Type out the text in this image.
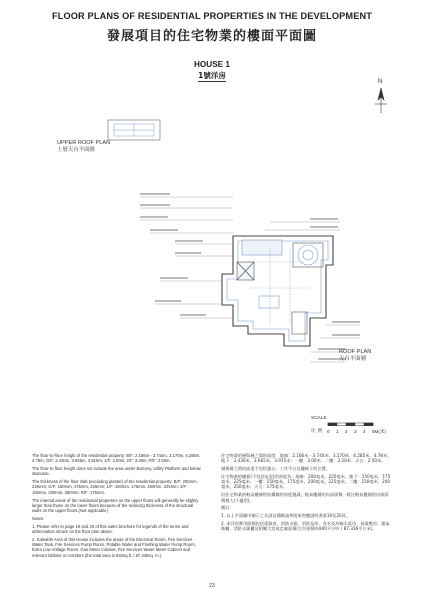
FLOOR PLANS OF RESIDENTIAL PROPERTIES IN THE DEVELOPMENT
發展項目的住宅物業的樓面平面圖
HOUSE 1
1號洋房
0 1 2 3 4 5M(米)
N
UPPER ROOF PLAN
上層天台平面圖
ROOF PLAN
天台平面圖
SCALE
比 例

The floor-to-floor height of the residential property: B/F: 2.166m - 3.744m, 3.170m, 4.285m, 4.78m; G/F: 3.430m, 3.665m, 3.915m; 1/F: 3.00m; 2/F: 3.20m; R/F: 2.50m.

The floor-to floor height does not include the area under Balcony, Utility Platform and below staircase.

The thickness of the floor slab (excluding plaster) of the residential property: B/F: 200mm, 225mm; G/F: 150mm, 175mm, 225mm; 1/F: 150mm, 175mm, 200mm, 225mm; 2/F: 150mm, 200mm, 250mm; R/F: 175mm.

The internal areas of the residential properties on the upper floors will generally be slightly larger than those on the lower floors because of the reducing thickness of the structural walls on the upper floors.(Not applicable)

Notes:

1. Please refer to page 19 and 20 of this sales brochure for legends of the terms and abbreviation shown on the floor plan above.

2. Saleable Area of this House includes the areas of the Electrical Room, Fire Services Water Tank, Fire Services Pump Room, Potable Water and Flushing Water Pump Room, Extra Low Voltage Room, Gas Meter Cabinet, Fire Services Water Meter Cabinet and relevant lobbies or corridors (the total area is 940sq.ft. / 87.336sq. m.).

住宅物業的層與層之間的高度：地庫：2.166米 - 3.744米，3.170米，4.285米，4.78米；地下：3.430米，3.665米，3.915米；一樓：3.00米；二樓：3.20米；天台：2.50米。

層與層之間的高度不包括露台、工作平台及樓梯下的位置。

住宅物業的樓板(不包括灰泥)的厚度為：地庫：200毫米，225毫米；地下：150毫米，175毫米，225毫米；一樓：150毫米，175毫米，200毫米，225毫米；二樓：150毫米，200毫米，250毫米；天台：175毫米。

因住宅物業的較高樓層的結構牆的厚度遞減，較高樓層的內部面積一般比較低樓層的內部面積稍大(不適用)。

備註：

1. 以上平面圖中顯示之名詞及簡稱請參閱本售樓說明書第19及20頁。

2. 本洋房實用面積包括電錶房、消防水箱、消防泵房、食水及沖廁水泵房、低電壓房、煤氣錶櫃、消防水錶櫃及相關大堂或走廊面積(合共面積為940平方呎 / 87.336平方米)。

23
